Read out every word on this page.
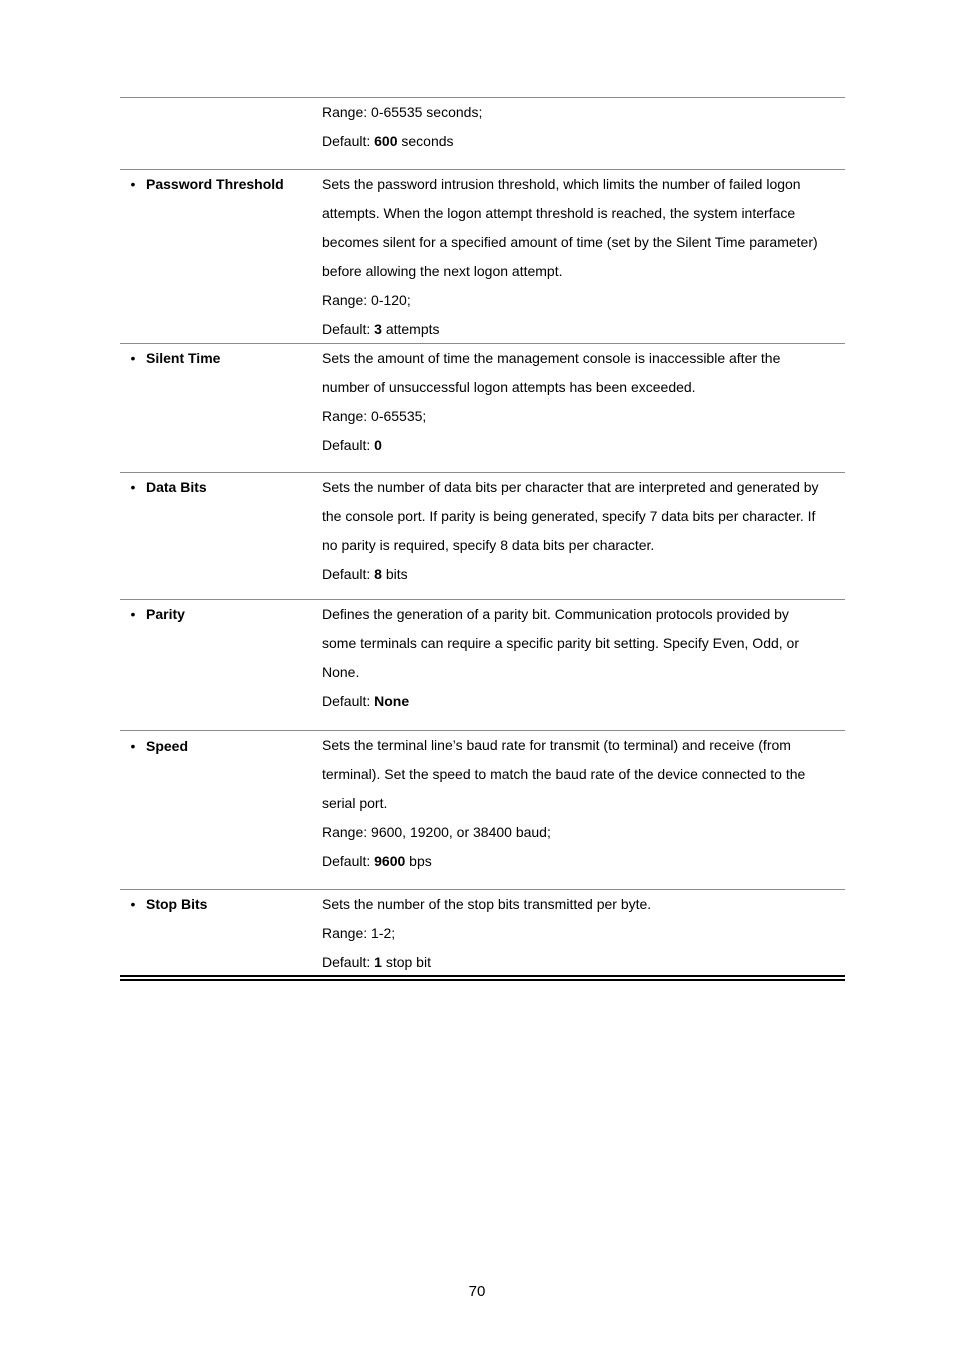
Range: 0-65535 seconds;
Default: 600 seconds
• Password Threshold	Sets the password intrusion threshold, which limits the number of failed logon
attempts. When the logon attempt threshold is reached, the system interface
becomes silent for a specified amount of time (set by the Silent Time parameter)
before allowing the next logon attempt.
Range: 0-120;
Default: 3 attempts
• Silent Time	Sets the amount of time the management console is inaccessible after the
number of unsuccessful logon attempts has been exceeded.
Range: 0-65535;
Default: 0
• Data Bits	Sets the number of data bits per character that are interpreted and generated by
the console port. If parity is being generated, specify 7 data bits per character. If
no parity is required, specify 8 data bits per character.
Default: 8 bits
• Parity	Defines the generation of a parity bit. Communication protocols provided by
some terminals can require a specific parity bit setting. Specify Even, Odd, or
None.
Default: None
• Speed	Sets the terminal line’s baud rate for transmit (to terminal) and receive (from
terminal). Set the speed to match the baud rate of the device connected to the
serial port.
Range: 9600, 19200, or 38400 baud;
Default: 9600 bps
• Stop Bits	Sets the number of the stop bits transmitted per byte.
Range: 1-2;
Default: 1 stop bit
70
